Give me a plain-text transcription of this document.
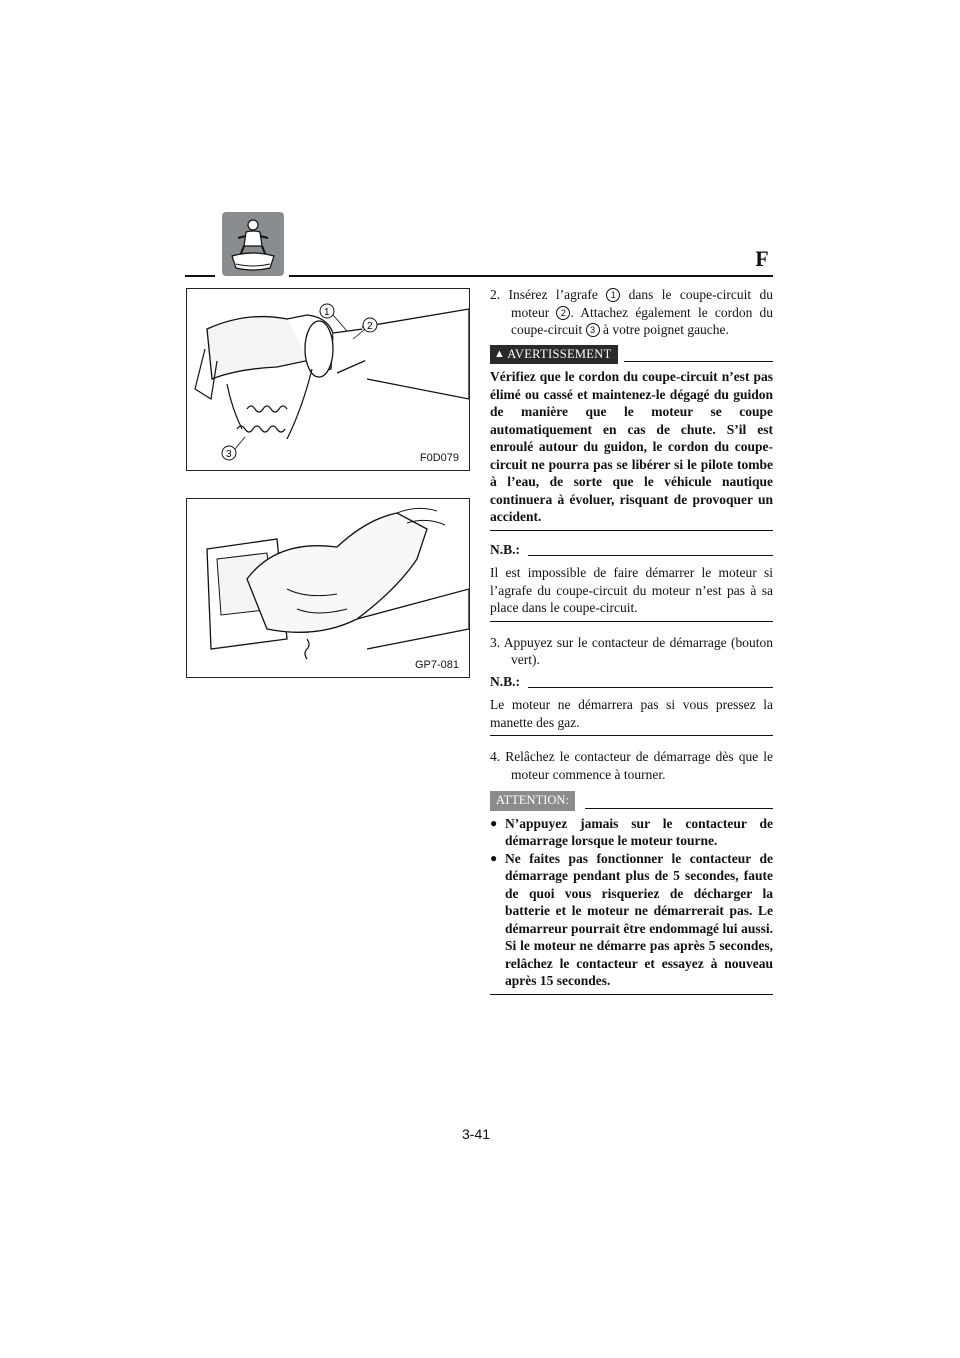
F
1
2
3	F0D079
GP7-081

2. Insérez l’agrafe 1 dans le coupe-circuit du moteur 2 . Attachez également le cordon du coupe-circuit 3 à votre poignet gauche.

▲ AVERTISSEMENT

Vérifiez que le cordon du coupe-circuit n’est pas élimé ou cassé et maintenez-le dégagé du guidon de manière que le moteur se coupe automatiquement en cas de chute. S’il est enroulé autour du guidon, le cordon du coupe-circuit ne pourra pas se libérer si le pilote tombe à l’eau, de sorte que le véhicule nautique continuera à évoluer, risquant de provoquer un accident.

N.B.:

Il est impossible de faire démarrer le moteur si l’agrafe du coupe-circuit du moteur n’est pas à sa place dans le coupe-circuit.

3. Appuyez sur le contacteur de démarrage (bouton vert).

N.B.:

Le moteur ne démarrera pas si vous pressez la manette des gaz.

4. Relâchez le contacteur de démarrage dès que le moteur commence à tourner.

ATTENTION:
● N’appuyez jamais sur le contacteur de démarrage lorsque le moteur tourne.
● Ne faites pas fonctionner le contacteur de démarrage pendant plus de 5 secondes, faute de quoi vous risqueriez de décharger la batterie et le moteur ne démarrerait pas. Le démarreur pourrait être endommagé lui aussi. Si le moteur ne démarre pas après 5 secondes, relâchez le contacteur et essayez à nouveau après 15 secondes.
3-41
